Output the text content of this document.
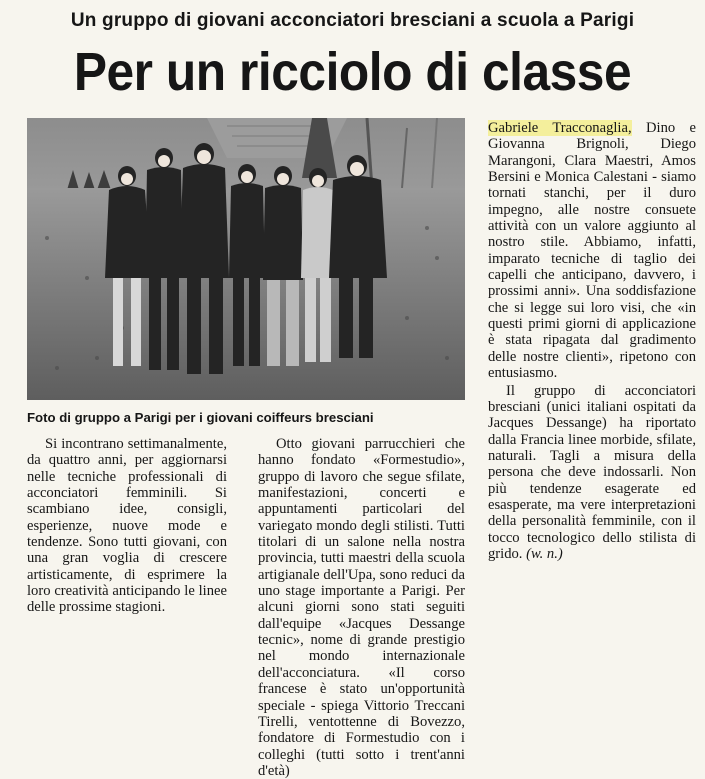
Un gruppo di giovani acconciatori bresciani a scuola a Parigi
Per un ricciolo di classe
Foto di gruppo a Parigi per i giovani coiffeurs bresciani

Si incontrano settimanalmente, da quattro anni, per aggiornarsi nelle tecniche professionali di acconciatori femminili. Si scambiano idee, consigli, esperienze, nuove mode e tendenze. Sono tutti giovani, con una gran voglia di crescere artisticamente, di esprimere la loro creatività anticipando le linee delle prossime stagioni.

Otto giovani parrucchieri che hanno fondato «Formestudio», gruppo di lavoro che segue sfilate, manifestazioni, concerti e appuntamenti particolari del variegato mondo degli stilisti. Tutti titolari di un salone nella nostra provincia, tutti maestri della scuola artigianale dell'Upa, sono reduci da uno stage importante a Parigi. Per alcuni giorni sono stati seguiti dall'equipe «Jacques Dessange tecnic», nome di grande prestigio nel mondo internazionale dell'acconciatura. «Il corso francese è stato un'opportunità speciale - spiega Vittorio Treccani Tirelli, ventottenne di Bovezzo, fondatore di Formestudio con i colleghi (tutti sotto i trent'anni d'età)

Gabriele Tracconaglia, Dino e Giovanna Brignoli, Diego Marangoni, Clara Maestri, Amos Bersini e Monica Calestani - siamo tornati stanchi, per il duro impegno, alle nostre consuete attività con un valore aggiunto al nostro stile. Abbiamo, infatti, imparato tecniche di taglio dei capelli che anticipano, davvero, i prossimi anni». Una soddisfazione che si legge sui loro visi, che «in questi primi giorni di applicazione è stata ripagata dal gradimento delle nostre clienti», ripetono con entusiasmo.

Il gruppo di acconciatori bresciani (unici italiani ospitati da Jacques Dessange) ha riportato dalla Francia linee morbide, sfilate, naturali. Tagli a misura della persona che deve indossarli. Non più tendenze esagerate ed esasperate, ma vere interpretazioni della personalità femminile, con il tocco tecnologico dello stilista di grido. (w. n.)
